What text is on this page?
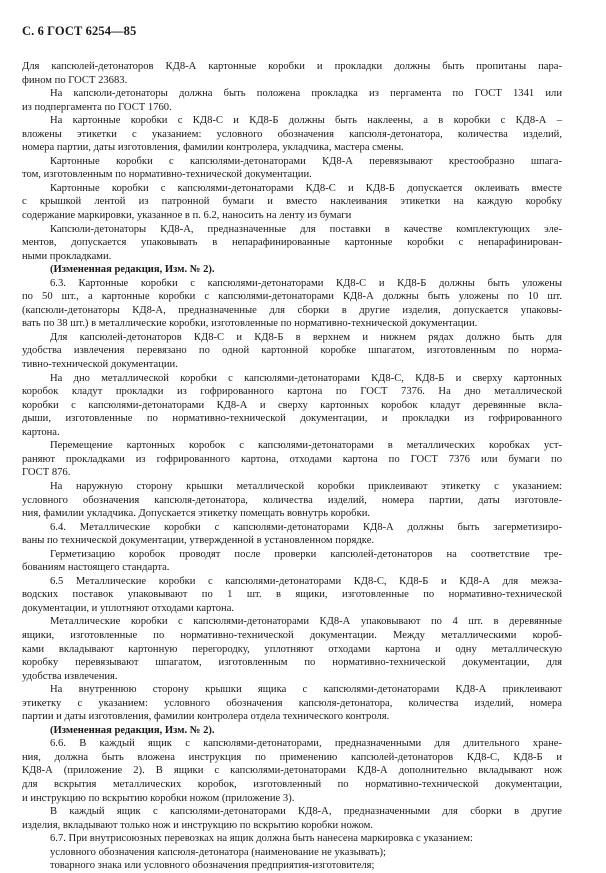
С. 6 ГОСТ 6254—85
Для капсюлей-детонаторов КД8-А картонные коробки и прокладки должны быть пропитаны пара-
фином по ГОСТ 23683.
На капсюли-детонаторы должна быть положена прокладка из пергамента по ГОСТ 1341 или
из подпергамента по ГОСТ 1760.
На картонные коробки с КД8-С и КД8-Б должны быть наклеены, а в коробки с КД8-А –
вложены этикетки с указанием: условного обозначения капсюля-детонатора, количества изделий,
номера партии, даты изготовления, фамилии контролера, укладчика, мастера смены.
Картонные коробки с капсюлями-детонаторами КД8-А перевязывают крестообразно шпага-
том, изготовленным по нормативно-технической документации.
Картонные коробки с капсюлями-детонаторами КД8-С и КД8-Б допускается оклеивать вместе
с крышкой лентой из патронной бумаги и вместо наклеивания этикетки на каждую коробку
содержание маркировки, указанное в п. 6.2, наносить на ленту из бумаги
Капсюли-детонаторы КД8-А, предназначенные для поставки в качестве комплектующих эле-
ментов, допускается упаковывать в непарафинированные картонные коробки с непарафинирован-
ными прокладками.
(Измененная редакция, Изм. № 2).
6.3. Картонные коробки с капсюлями-детонаторами КД8-С и КД8-Б должны быть уложены
по 50 шт., а картонные коробки с капсюлями-детонаторами КД8-А должны быть уложены по 10 шт.
(капсюли-детонаторы КД8-А, предназначенные для сборки в другие изделия, допускается упаковы-
вать по 38 шт.) в металлические коробки, изготовленные по нормативно-технической документации.
Для капсюлей-детонаторов КД8-С и КД8-Б в верхнем и нижнем рядах должно быть для
удобства извлечения перевязано по одной картонной коробке шпагатом, изготовленным по норма-
тивно-технической документации.
На дно металлической коробки с капсюлями-детонаторами КД8-С, КД8-Б и сверху картонных
коробок кладут прокладки из гофрированного картона по ГОСТ 7376. На дно металлической
коробки с капсюлями-детонаторами КД8-А и сверху картонных коробок кладут деревянные вкла-
дыши, изготовленные по нормативно-технической документации, и прокладки из гофрированного
картона.
Перемещение картонных коробок с капсюлями-детонаторами в металлических коробках уст-
раняют прокладками из гофрированного картона, отходами картона по ГОСТ 7376 или бумаги по
ГОСТ 876.
На наружную сторону крышки металлической коробки приклеивают этикетку с указанием:
условного обозначения капсюля-детонатора, количества изделий, номера партии, даты изготовле-
ния, фамилии укладчика. Допускается этикетку помещать вовнутрь коробки.
6.4. Металлические коробки с капсюлями-детонаторами КД8-А должны быть загерметизиро-
ваны по технической документации, утвержденной в установленном порядке.
Герметизацию коробок проводят после проверки капсюлей-детонаторов на соответствие тре-
бованиям настоящего стандарта.
6.5 Металлические коробки с капсюлями-детонаторами КД8-С, КД8-Б и КД8-А для межза-
водских поставок упаковывают по 1 шт. в ящики, изготовленные по нормативно-технической
документации, и уплотняют отходами картона.
Металлические коробки с капсюлями-детонаторами КД8-А упаковывают по 4 шт. в деревянные
ящики, изготовленные по нормативно-технической документации. Между металлическими короб-
ками вкладывают картонную перегородку, уплотняют отходами картона и одну металлическую
коробку перевязывают шпагатом, изготовленным по нормативно-технической документации, для
удобства извлечения.
На внутреннюю сторону крышки ящика с капсюлями-детонаторами КД8-А приклеивают
этикетку с указанием: условного обозначения капсюля-детонатора, количества изделий, номера
партии и даты изготовления, фамилии контролера отдела технического контроля.
(Измененная редакция, Изм. № 2).
6.6. В каждый ящик с капсюлями-детонаторами, предназначенными для длительного хране-
ния, должна быть вложена инструкция по применению капсюлей-детонаторов КД8-С, КД8-Б и
КД8-А (приложение 2). В ящики с капсюлями-детонаторами КД8-А дополнительно вкладывают нож
для вскрытия металлических коробок, изготовленный по нормативно-технической документации,
и инструкцию по вскрытию коробки ножом (приложение 3).
В каждый ящик с капсюлями-детонаторами КД8-А, предназначенными для сборки в другие
изделия, вкладывают только нож и инструкцию по вскрытию коробки ножом.
6.7. При внутрисоюзных перевозках на ящик должна быть нанесена маркировка с указанием:
условного обозначения капсюля-детонатора (наименование не указывать);
товарного знака или условного обозначения предприятия-изготовителя;
